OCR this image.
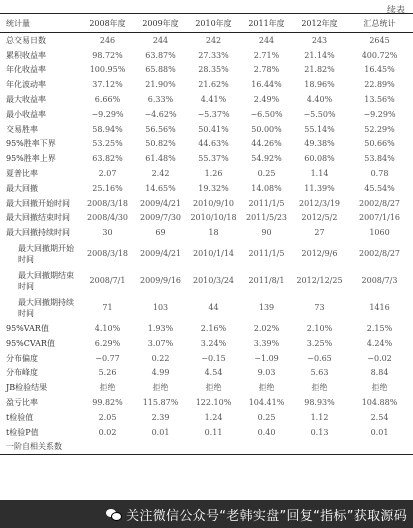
续表
统计量	2008年度	2009年度	2010年度	2011年度	2012年度	汇总统计
总交易日数	246	244	242	244	243	2645
累积收益率	98.72%	63.87%	27.33%	2.71%	21.14%	400.72%
年化收益率	100.95%	65.88%	28.35%	2.78%	21.82%	16.45%
年化波动率	37.12%	21.90%	21.62%	16.44%	18.96%	22.89%
最大收益率	6.66%	6.33%	4.41%	2.49%	4.40%	13.56%
最小收益率	−9.29%	−4.62%	−5.37%	−6.50%	−5.50%	−9.29%
交易胜率	58.94%	56.56%	50.41%	50.00%	55.14%	52.29%
95%胜率下界	53.25%	50.82%	44.63%	44.26%	49.38%	50.66%
95%胜率上界	63.82%	61.48%	55.37%	54.92%	60.08%	53.84%
夏普比率	2.07	2.42	1.26	0.25	1.14	0.78
最大回撤	25.16%	14.65%	19.32%	14.08%	11.39%	45.54%
最大回撤开始时间	2008/3/18	2009/4/21	2010/9/10	2011/1/5	2012/3/19	2002/8/27
最大回撤结束时间	2008/4/30	2009/7/30	2010/10/18	2011/5/23	2012/5/2	2007/1/16
最大回撤持续时间	30	69	18	90	27	1060
最大回撤期开始时间	2008/3/18	2009/4/21	2010/1/14	2011/1/5	2012/9/6	2002/8/27
最大回撤期结束时间	2008/7/1	2009/9/16	2010/3/24	2011/8/1	2012/12/25	2008/7/3
最大回撤期持续时间	71	103	44	139	73	1416
95%VAR值	4.10%	1.93%	2.16%	2.02%	2.10%	2.15%
95%CVAR值	6.29%	3.07%	3.24%	3.39%	3.25%	4.24%
分布偏度	−0.77	0.22	−0.15	−1.09	−0.65	−0.02
分布峰度	5.26	4.99	4.54	9.03	5.63	8.84
JB检验结果	拒绝	拒绝	拒绝	拒绝	拒绝	拒绝
盈亏比率	99.82%	115.87%	122.10%	104.41%	98.93%	104.88%
t检验值	2.05	2.39	1.24	0.25	1.12	2.54
t检验P值	0.02	0.01	0.11	0.40	0.13	0.01
一阶自相关系数						
关注微信公众号“老韩实盘”回复“指标”获取源码
